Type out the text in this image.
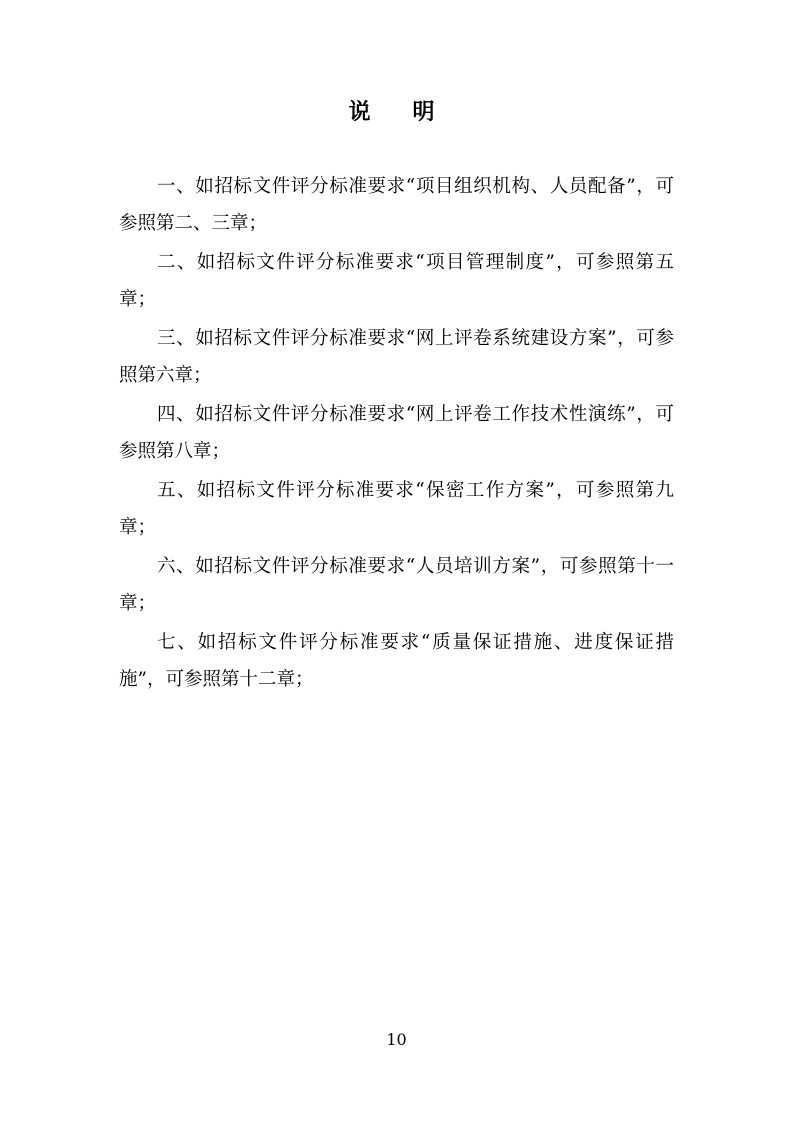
说　明

一、如招标文件评分标准要求“项目组织机构、人员配备”，可参照第二、三章；

二、如招标文件评分标准要求“项目管理制度”，可参照第五章；

三、如招标文件评分标准要求“网上评卷系统建设方案”，可参照第六章；

四、如招标文件评分标准要求“网上评卷工作技术性演练”，可参照第八章；

五、如招标文件评分标准要求“保密工作方案”，可参照第九章；

六、如招标文件评分标准要求“人员培训方案”，可参照第十一章；

七、如招标文件评分标准要求“质量保证措施、进度保证措施”，可参照第十二章；

10
